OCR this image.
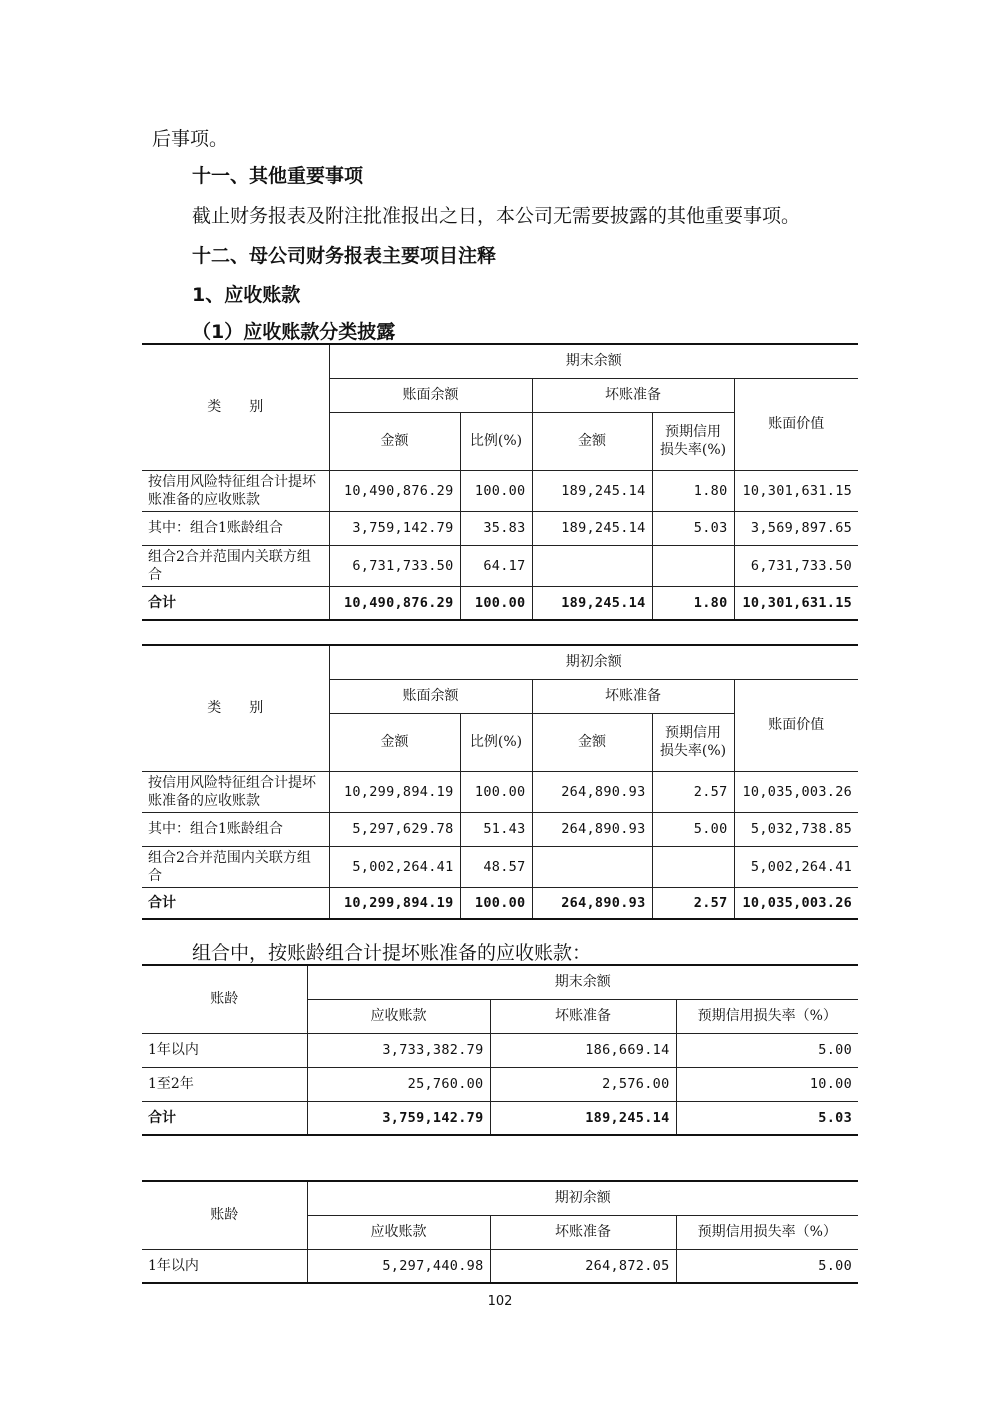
后事项。

十一、其他重要事项

截止财务报表及附注批准报出之日，本公司无需要披露的其他重要事项。

十二、母公司财务报表主要项目注释

1、应收账款

（1）应收账款分类披露

类　　别	期末余额				
	账面余额		坏账准备		账面价值
	金额	比例(%)	金额	预期信用损失率(%)	
按信用风险特征组合计提坏账准备的应收账款	10,490,876.29	100.00	189,245.14	1.80	10,301,631.15
其中：组合1账龄组合	3,759,142.79	35.83	189,245.14	5.03	3,569,897.65
组合2合并范围内关联方组合	6,731,733.50	64.17			6,731,733.50
合计	10,490,876.29	100.00	189,245.14	1.80	10,301,631.15
类　　别	期初余额				
	账面余额		坏账准备		账面价值
	金额	比例(%)	金额	预期信用损失率(%)	
按信用风险特征组合计提坏账准备的应收账款	10,299,894.19	100.00	264,890.93	2.57	10,035,003.26
其中：组合1账龄组合	5,297,629.78	51.43	264,890.93	5.00	5,032,738.85
组合2合并范围内关联方组合	5,002,264.41	48.57			5,002,264.41
合计	10,299,894.19	100.00	264,890.93	2.57	10,035,003.26

组合中，按账龄组合计提坏账准备的应收账款：

账龄	期末余额		
	应收账款	坏账准备	预期信用损失率（%）
1年以内	3,733,382.79	186,669.14	5.00
1至2年	25,760.00	2,576.00	10.00
合计	3,759,142.79	189,245.14	5.03
账龄	期初余额		
	应收账款	坏账准备	预期信用损失率（%）
1年以内	5,297,440.98	264,872.05	5.00
102
